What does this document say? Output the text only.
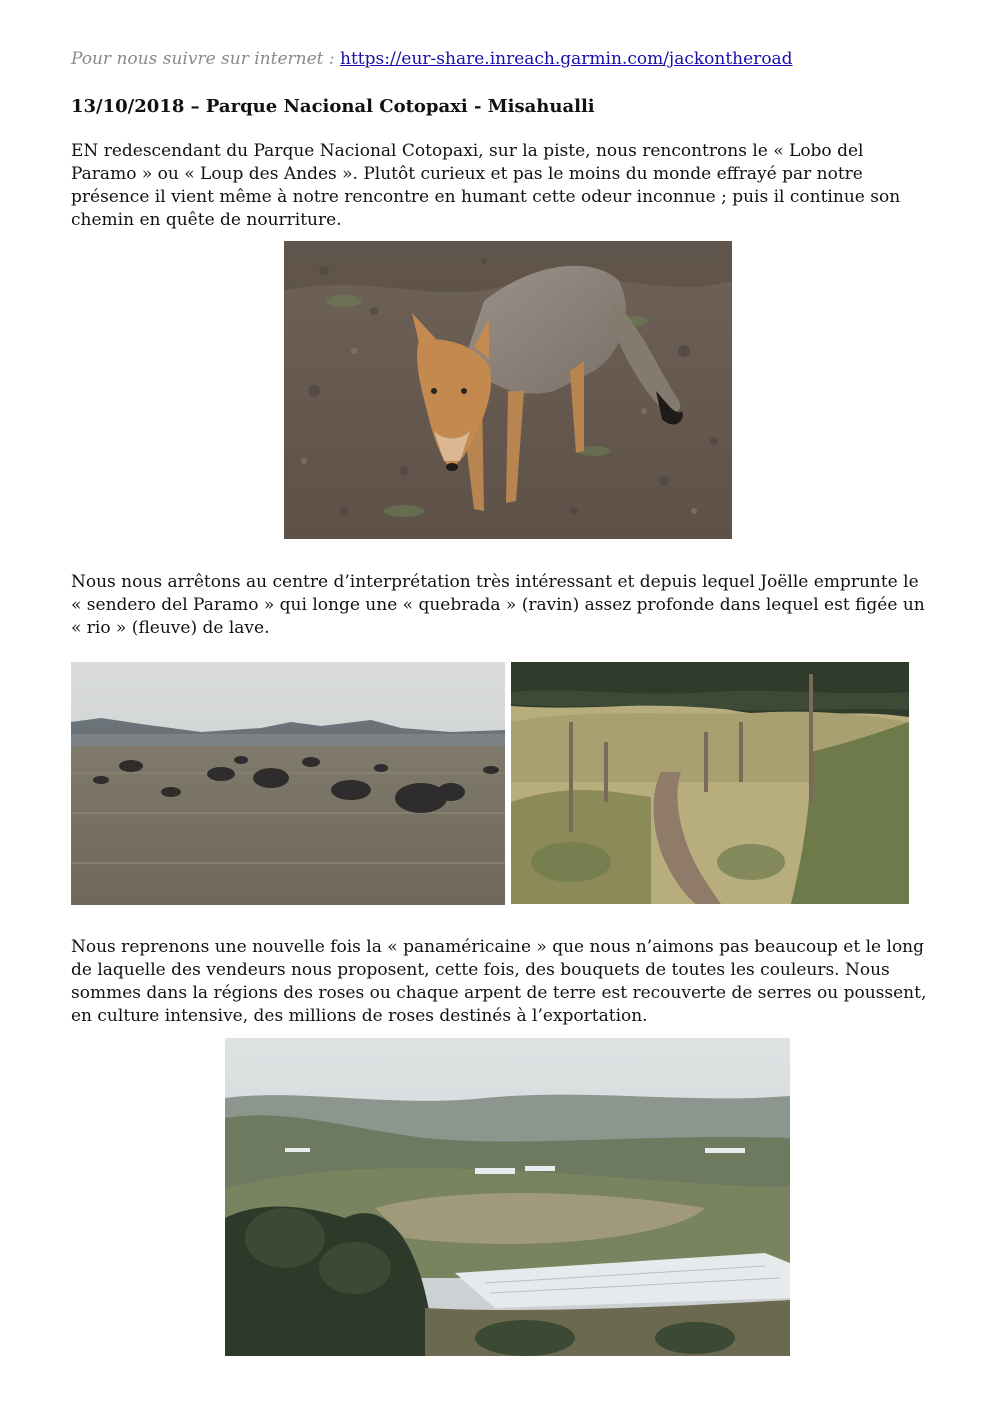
Pour nous suivre sur internet : https://eur-share.inreach.garmin.com/jackontheroad
13/10/2018 – Parque Nacional Cotopaxi - Misahualli
EN redescendant du Parque Nacional Cotopaxi, sur la piste, nous rencontrons le « Lobo del
Paramo » ou « Loup des Andes ». Plutôt curieux et pas le moins du monde effrayé par notre
présence il vient même à notre rencontre en humant cette odeur inconnue ; puis il continue son
chemin en quête de nourriture.
Nous nous arrêtons au centre d’interprétation très intéressant et depuis lequel Joëlle emprunte le
« sendero del Paramo » qui longe une « quebrada » (ravin) assez profonde dans lequel est figée un
« rio » (fleuve) de lave.
Nous reprenons une nouvelle fois la « panaméricaine » que nous n’aimons pas beaucoup et le long
de laquelle des vendeurs nous proposent, cette fois, des bouquets de toutes les couleurs. Nous
sommes dans la régions des roses ou chaque arpent de terre est recouverte de serres ou poussent,
en culture intensive, des millions de roses destinés à l’exportation.
